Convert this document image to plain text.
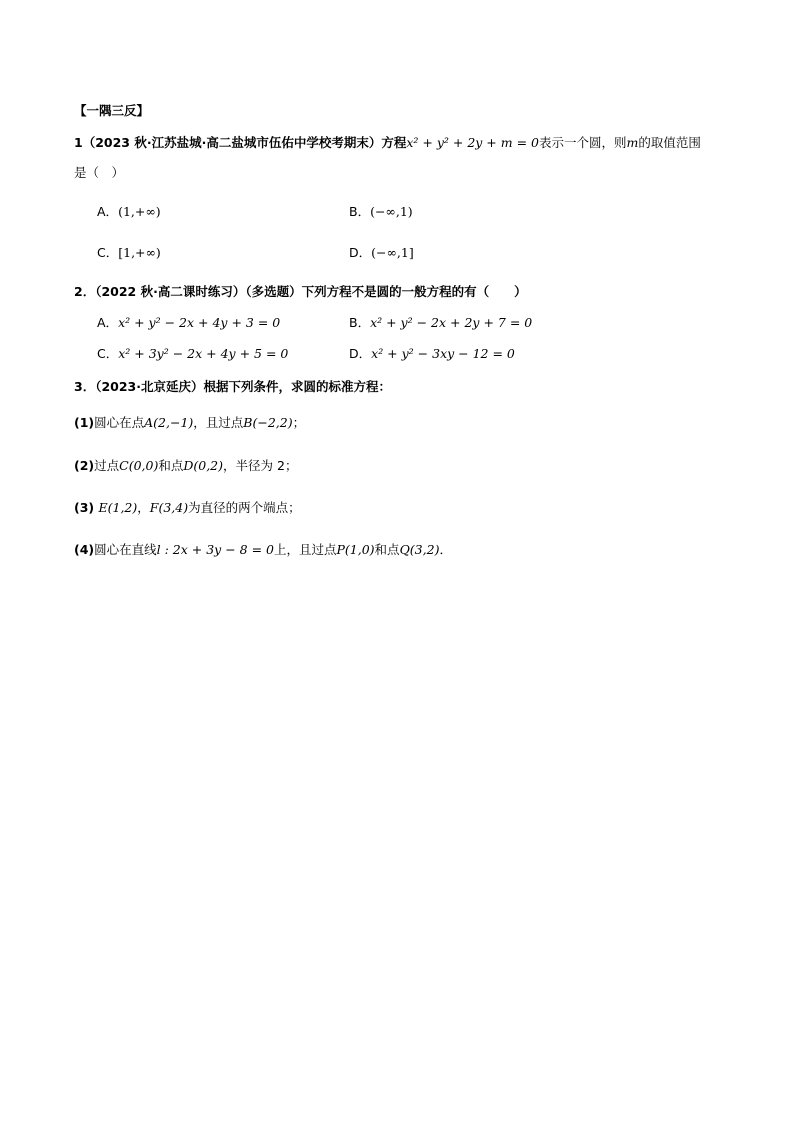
【一隅三反】
1（2023 秋·江苏盐城·高二盐城市伍佑中学校考期末）方程x² + y² + 2y + m = 0表示一个圆，则m的取值范围
是（　）
A．(1,+∞)	B．(−∞,1)
C．[1,+∞)	D．(−∞,1]
2．（2022 秋·高二课时练习）（多选题）下列方程不是圆的一般方程的有（　　）
A．x² + y² − 2x + 4y + 3 = 0	B．x² + y² − 2x + 2y + 7 = 0
C．x² + 3y² − 2x + 4y + 5 = 0	D．x² + y² − 3xy − 12 = 0
3．（2023·北京延庆）根据下列条件，求圆的标准方程：
(1)圆心在点A(2,−1)，且过点B(−2,2)；
(2)过点C(0,0)和点D(0,2)，半径为 2；
(3) E(1,2)，F(3,4)为直径的两个端点；
(4)圆心在直线l : 2x + 3y − 8 = 0上，且过点P(1,0)和点Q(3,2)．
